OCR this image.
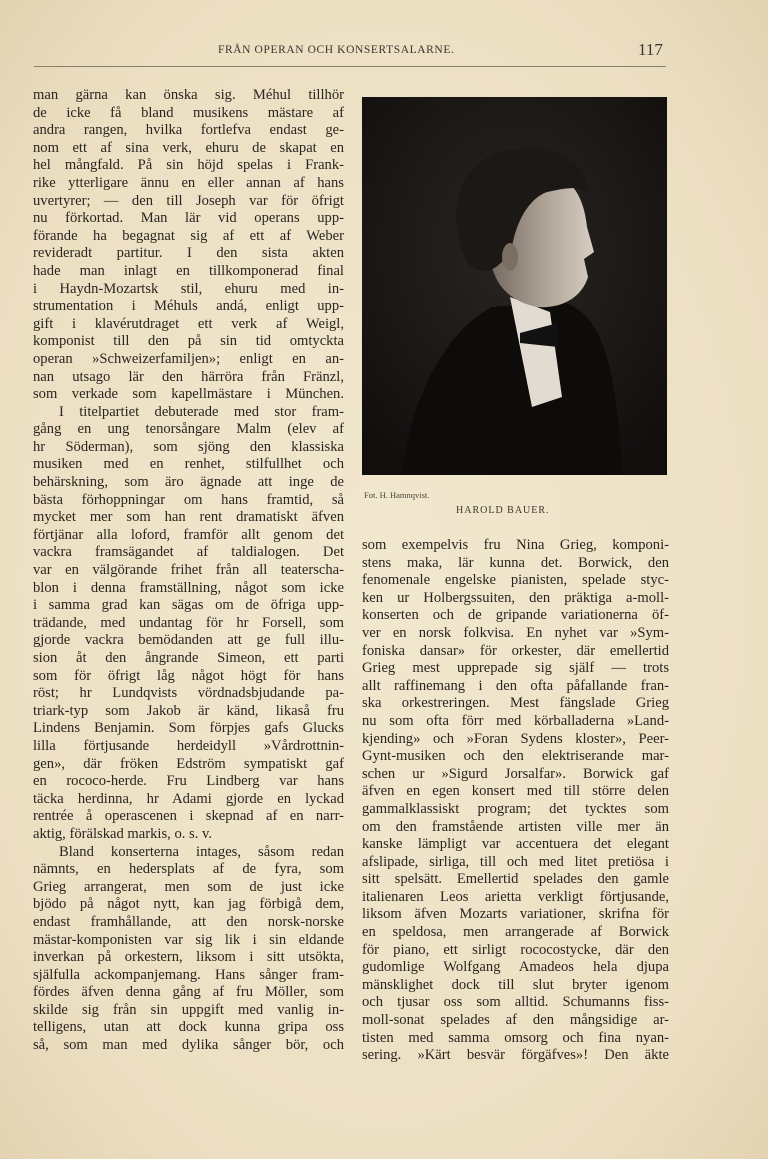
FRÅN OPERAN OCH KONSERTSALARNE.	117
man gärna kan önska sig. Méhul tillhör
de icke få bland musikens mästare af
andra rangen, hvilka fortlefva endast ge-
nom ett af sina verk, ehuru de skapat en
hel mångfald. På sin höjd spelas i Frank-
rike ytterligare ännu en eller annan af hans
uvertyrer; — den till Joseph var för öfrigt
nu förkortad. Man lär vid operans upp-
förande ha begagnat sig af ett af Weber
revideradt partitur. I den sista akten
hade man inlagt en tillkomponerad final
i Haydn-Mozartsk stil, ehuru med in-
strumentation i Méhuls andá, enligt upp-
gift i klavérutdraget ett verk af Weigl,
komponist till den på sin tid omtyckta
operan »Schweizerfamiljen»; enligt en an-
nan utsago lär den härröra från Fränzl,
som verkade som kapellmästare i München.
I titelpartiet debuterade med stor fram-
gång en ung tenorsångare Malm (elev af
hr Söderman), som sjöng den klassiska
musiken med en renhet, stilfullhet och
behärskning, som äro ägnade att inge de
bästa förhoppningar om hans framtid, så
mycket mer som han rent dramatiskt äfven
förtjänar alla loford, framför allt genom det
vackra framsägandet af taldialogen. Det
var en välgörande frihet från all teaterscha-
blon i denna framställning, något som icke
i samma grad kan sägas om de öfriga upp-
trädande, med undantag för hr Forsell, som
gjorde vackra bemödanden att ge full illu-
sion åt den ångrande Simeon, ett parti
som för öfrigt låg något högt för hans
röst; hr Lundqvists vördnadsbjudande pa-
triark-typ som Jakob är känd, likaså fru
Lindens Benjamin. Som förpjes gafs Glucks
lilla förtjusande herdeidyll »Vårdrottnin-
gen», där fröken Edström sympatiskt gaf
en rococo-herde. Fru Lindberg var hans
täcka herdinna, hr Adami gjorde en lyckad
rentrée å operascenen i skepnad af en narr-
aktig, förälskad markis, o. s. v.
Bland konserterna intages, såsom redan
nämnts, en hedersplats af de fyra, som
Grieg arrangerat, men som de just icke
bjödo på något nytt, kan jag förbigå dem,
endast framhållande, att den norsk-norske
mästar-komponisten var sig lik i sin eldande
inverkan på orkestern, liksom i sitt utsökta,
själfulla ackompanjemang. Hans sånger fram-
fördes äfven denna gång af fru Möller, som
skilde sig från sin uppgift med vanlig in-
telligens, utan att dock kunna gripa oss
så, som man med dylika sånger bör, och
Fot. H. Hamnqvist.
HAROLD BAUER.
som exempelvis fru Nina Grieg, komponi-
stens maka, lär kunna det. Borwick, den
fenomenale engelske pianisten, spelade styc-
ken ur Holbergssuiten, den präktiga a-moll-
konserten och de gripande variationerna öf-
ver en norsk folkvisa. En nyhet var »Sym-
foniska dansar» för orkester, där emellertid
Grieg mest upprepade sig själf — trots
allt raffinemang i den ofta påfallande fran-
ska orkestreringen. Mest fängslade Grieg
nu som ofta förr med körballaderna »Land-
kjending» och »Foran Sydens kloster», Peer-
Gynt-musiken och den elektriserande mar-
schen ur »Sigurd Jorsalfar». Borwick gaf
äfven en egen konsert med till större delen
gammalklassiskt program; det tycktes som
om den framstående artisten ville mer än
kanske lämpligt var accentuera det elegant
afslipade, sirliga, till och med litet pretiösa i
sitt spelsätt. Emellertid spelades den gamle
italienaren Leos arietta verkligt förtjusande,
liksom äfven Mozarts variationer, skrifna för
en speldosa, men arrangerade af Borwick
för piano, ett sirligt rococostycke, där den
gudomlige Wolfgang Amadeos hela djupa
mänsklighet dock till slut bryter igenom
och tjusar oss som alltid. Schumanns fiss-
moll-sonat spelades af den mångsidige ar-
tisten med samma omsorg och fina nyan-
sering. »Kärt besvär förgäfves»! Den äkte
